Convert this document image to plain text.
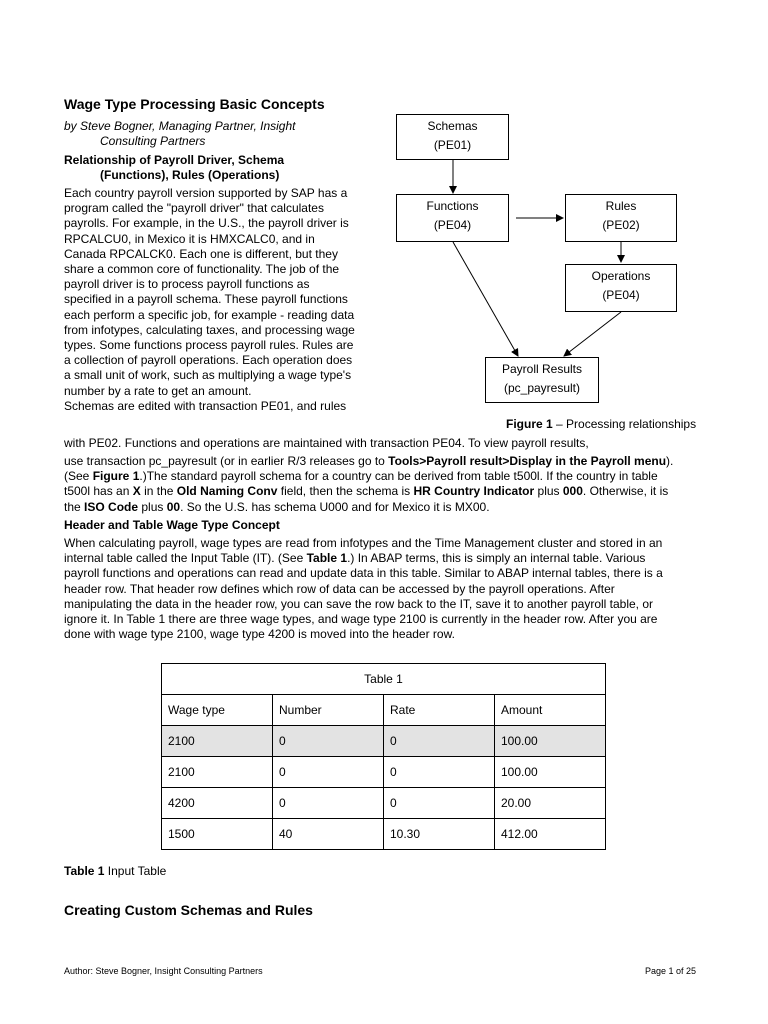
Wage Type Processing Basic Concepts
by Steve Bogner, Managing Partner, Insight
Consulting Partners
Relationship of Payroll Driver, Schema
(Functions), Rules (Operations)
Each country payroll version supported by SAP has a
program called the "payroll driver" that calculates
payrolls. For example, in the U.S., the payroll driver is
RPCALCU0, in Mexico it is HMXCALC0, and in
Canada RPCALCK0. Each one is different, but they
share a common core of functionality. The job of the
payroll driver is to process payroll functions as
specified in a payroll schema. These payroll functions
each perform a specific job, for example - reading data
from infotypes, calculating taxes, and processing wage
types. Some functions process payroll rules. Rules are
a collection of payroll operations. Each operation does
a small unit of work, such as multiplying a wage type's
number by a rate to get an amount.
Schemas are edited with transaction PE01, and rules
Schemas
(PE01)
Functions
(PE04)
Rules
(PE02)
Operations
(PE04)
Payroll Results
(pc_payresult)
Figure 1 – Processing relationships
with PE02. Functions and operations are maintained with transaction PE04. To view payroll results,
use transaction pc_payresult (or in earlier R/3 releases go to Tools>Payroll result>Display in the Payroll menu).
(See Figure 1.)The standard payroll schema for a country can be derived from table t500l. If the country in table
t500l has an X in the Old Naming Conv field, then the schema is HR Country Indicator plus 000. Otherwise, it is
the ISO Code plus 00. So the U.S. has schema U000 and for Mexico it is MX00.
Header and Table Wage Type Concept
When calculating payroll, wage types are read from infotypes and the Time Management cluster and stored in an
internal table called the Input Table (IT). (See Table 1.) In ABAP terms, this is simply an internal table. Various
payroll functions and operations can read and update data in this table. Similar to ABAP internal tables, there is a
header row. That header row defines which row of data can be accessed by the payroll operations. After
manipulating the data in the header row, you can save the row back to the IT, save it to another payroll table, or
ignore it. In Table 1 there are three wage types, and wage type 2100 is currently in the header row. After you are
done with wage type 2100, wage type 4200 is moved into the header row.
Table 1			
Wage type	Number	Rate	Amount
2100	0	0	100.00
2100	0	0	100.00
4200	0	0	20.00
1500	40	10.30	412.00
Table 1 Input Table
Creating Custom Schemas and Rules
Author: Steve Bogner, Insight Consulting Partners	Page 1 of 25
